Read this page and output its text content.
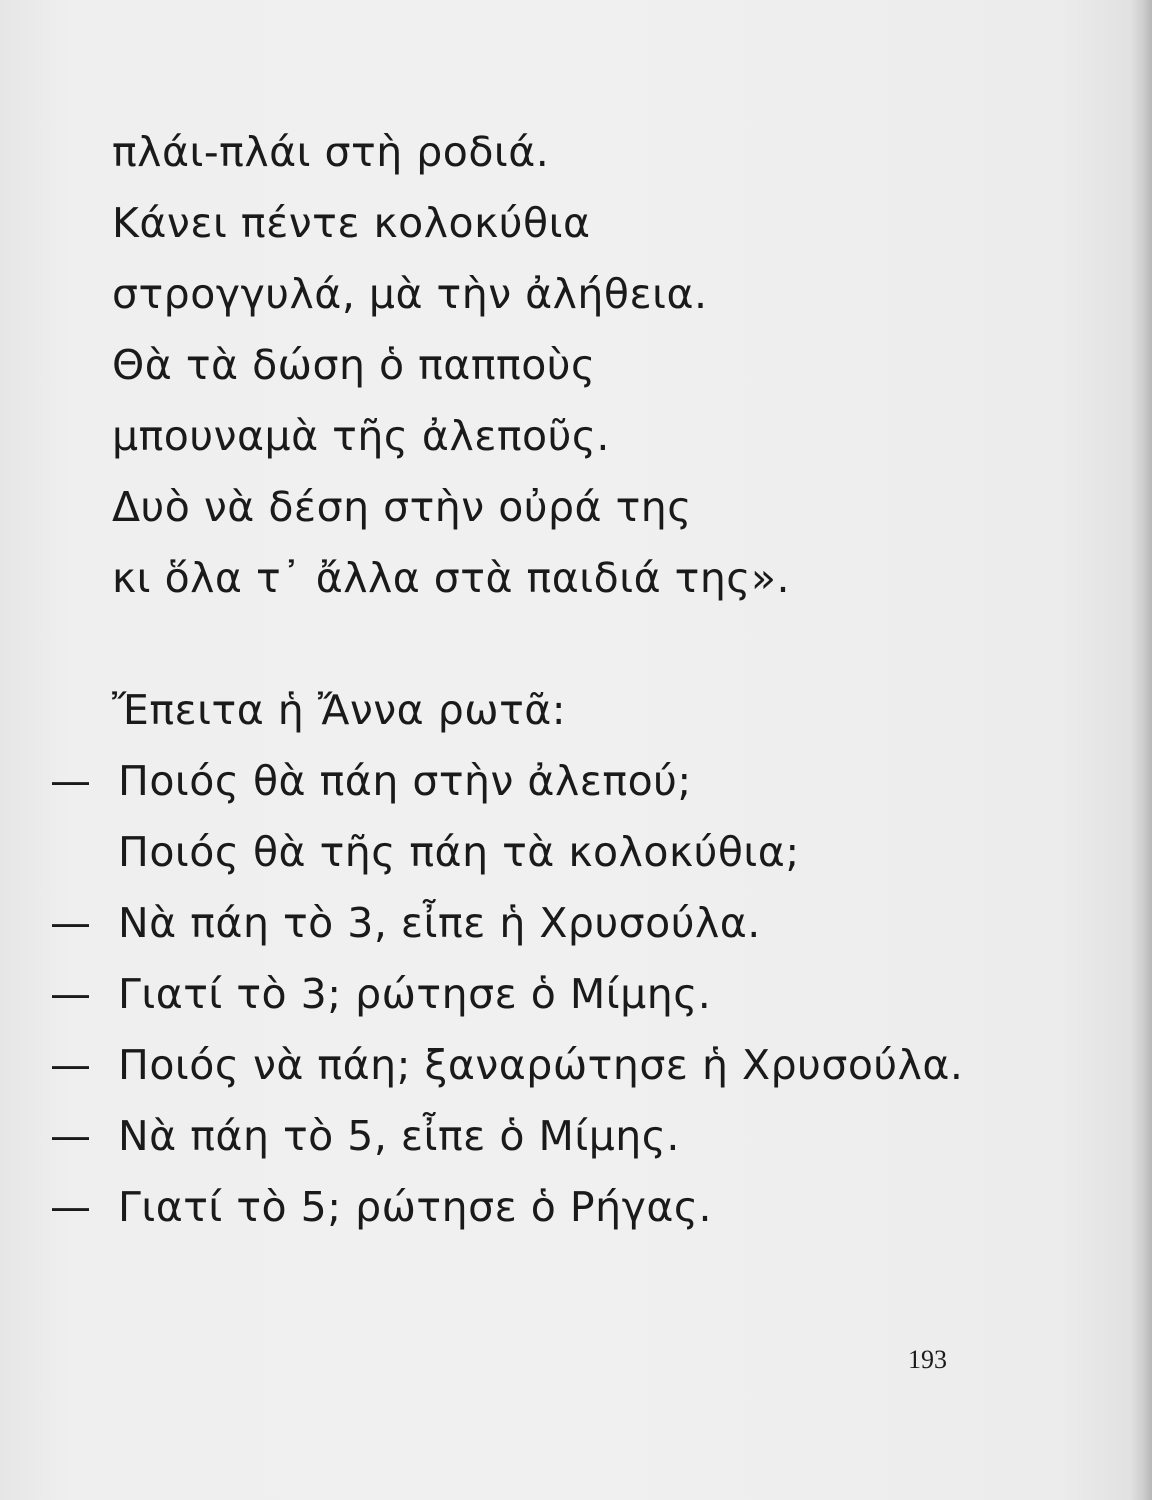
πλάι-πλάι στὴ ροδιά.
Κάνει πέντε κολοκύθια
στρογγυλά, μὰ τὴν ἀλήθεια.
Θὰ τὰ δώση ὁ παπποὺς
μπουναμὰ τῆς ἀλεποῦς.
Δυὸ νὰ δέση στὴν οὐρά της
κι ὅλα τ᾿ ἄλλα στὰ παιδιά της».
Ἔπειτα ἡ Ἄννα ρωτᾶ:
— Ποιός θὰ πάη στὴν ἀλεπού;
Ποιός θὰ τῆς πάη τὰ κολοκύθια;
— Νὰ πάη τὸ 3, εἶπε ἡ Χρυσούλα.
— Γιατί τὸ 3; ρώτησε ὁ Μίμης.
— Ποιός νὰ πάη; ξαναρώτησε ἡ Χρυσούλα.
— Νὰ πάη τὸ 5, εἶπε ὁ Μίμης.
— Γιατί τὸ 5; ρώτησε ὁ Ρήγας.
193
